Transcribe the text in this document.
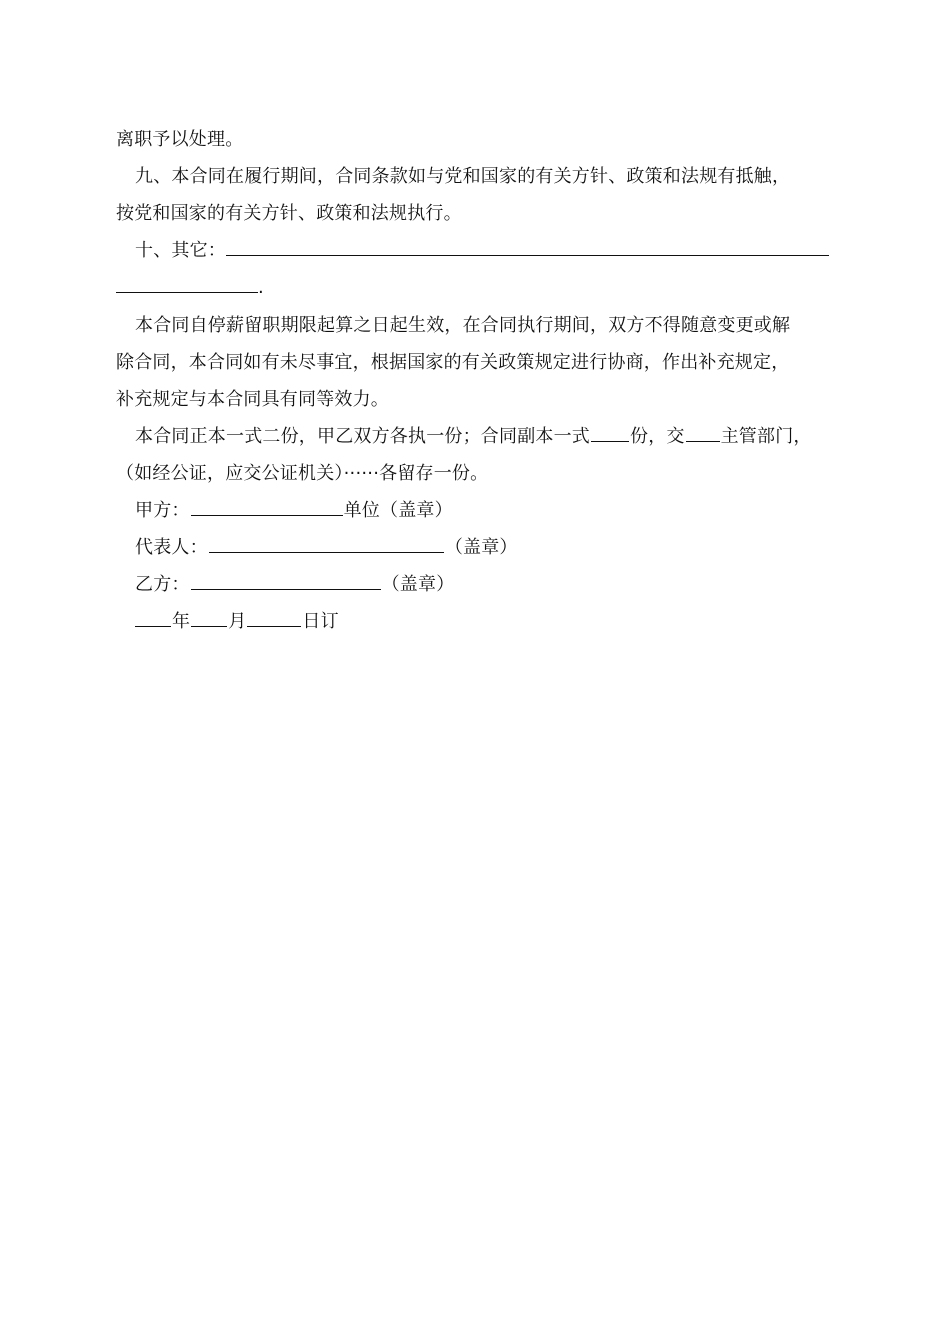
离职予以处理。
九、本合同在履行期间，合同条款如与党和国家的有关方针、政策和法规有抵触，
按党和国家的有关方针、政策和法规执行。
十、其它：
.
本合同自停薪留职期限起算之日起生效，在合同执行期间，双方不得随意变更或解
除合同，本合同如有未尽事宜，根据国家的有关政策规定进行协商，作出补充规定，
补充规定与本合同具有同等效力。
本合同正本一式二份，甲乙双方各执一份；合同副本一式 份，交 主管部门，
（如经公证，应交公证机关）······各留存一份。
甲方：	单位（盖章）
代表人：	（盖章）
乙方：	（盖章）
年 月	日订
